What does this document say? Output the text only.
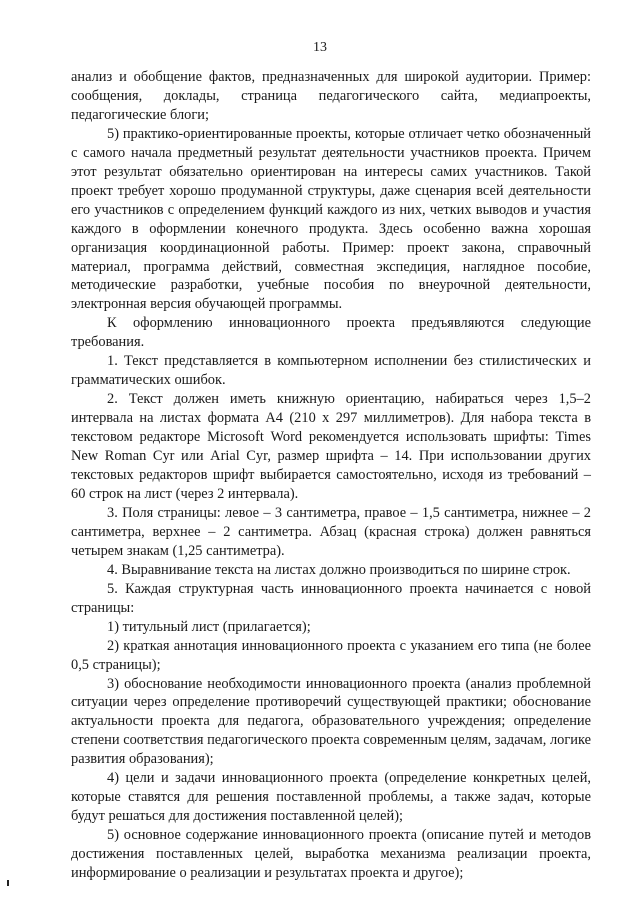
13

анализ и обобщение фактов, предназначенных для широкой аудитории. Пример: сообщения, доклады, страница педагогического сайта, медиапроекты, педагогические блоги;

5) практико-ориентированные проекты, которые отличает четко обозначенный с самого начала предметный результат деятельности участников проекта. Причем этот результат обязательно ориентирован на интересы самих участников. Такой проект требует хорошо продуманной структуры, даже сценария всей деятельности его участников с определением функций каждого из них, четких выводов и участия каждого в оформлении конечного продукта. Здесь особенно важна хорошая организация координационной работы. Пример: проект закона, справочный материал, программа действий, совместная экспедиция, наглядное пособие, методические разработки, учебные пособия по внеурочной деятельности, электронная версия обучающей программы.

К оформлению инновационного проекта предъявляются следующие требования.

1. Текст представляется в компьютерном исполнении без стилистических и грамматических ошибок.

2. Текст должен иметь книжную ориентацию, набираться через 1,5–2 интервала на листах формата А4 (210 х 297 миллиметров). Для набора текста в текстовом редакторе Microsoft Word рекомендуется использовать шрифты: Times New Roman Cyr или Arial Cyr, размер шрифта – 14. При использовании других текстовых редакторов шрифт выбирается самостоятельно, исходя из требований – 60 строк на лист (через 2 интервала).

3. Поля страницы: левое – 3 сантиметра, правое – 1,5 сантиметра, нижнее – 2 сантиметра, верхнее – 2 сантиметра. Абзац (красная строка) должен равняться четырем знакам (1,25 сантиметра).

4. Выравнивание текста на листах должно производиться по ширине строк.

5. Каждая структурная часть инновационного проекта начинается с новой страницы:

1) титульный лист (прилагается);

2) краткая аннотация инновационного проекта с указанием его типа (не более 0,5 страницы);

3) обоснование необходимости инновационного проекта (анализ проблемной ситуации через определение противоречий существующей практики; обоснование актуальности проекта для педагога, образовательного учреждения; определение степени соответствия педагогического проекта современным целям, задачам, логике развития образования);

4) цели и задачи инновационного проекта (определение конкретных целей, которые ставятся для решения поставленной проблемы, а также задач, которые будут решаться для достижения поставленной целей);

5) основное содержание инновационного проекта (описание путей и методов достижения поставленных целей, выработка механизма реализации проекта, информирование о реализации и результатах проекта и другое);
